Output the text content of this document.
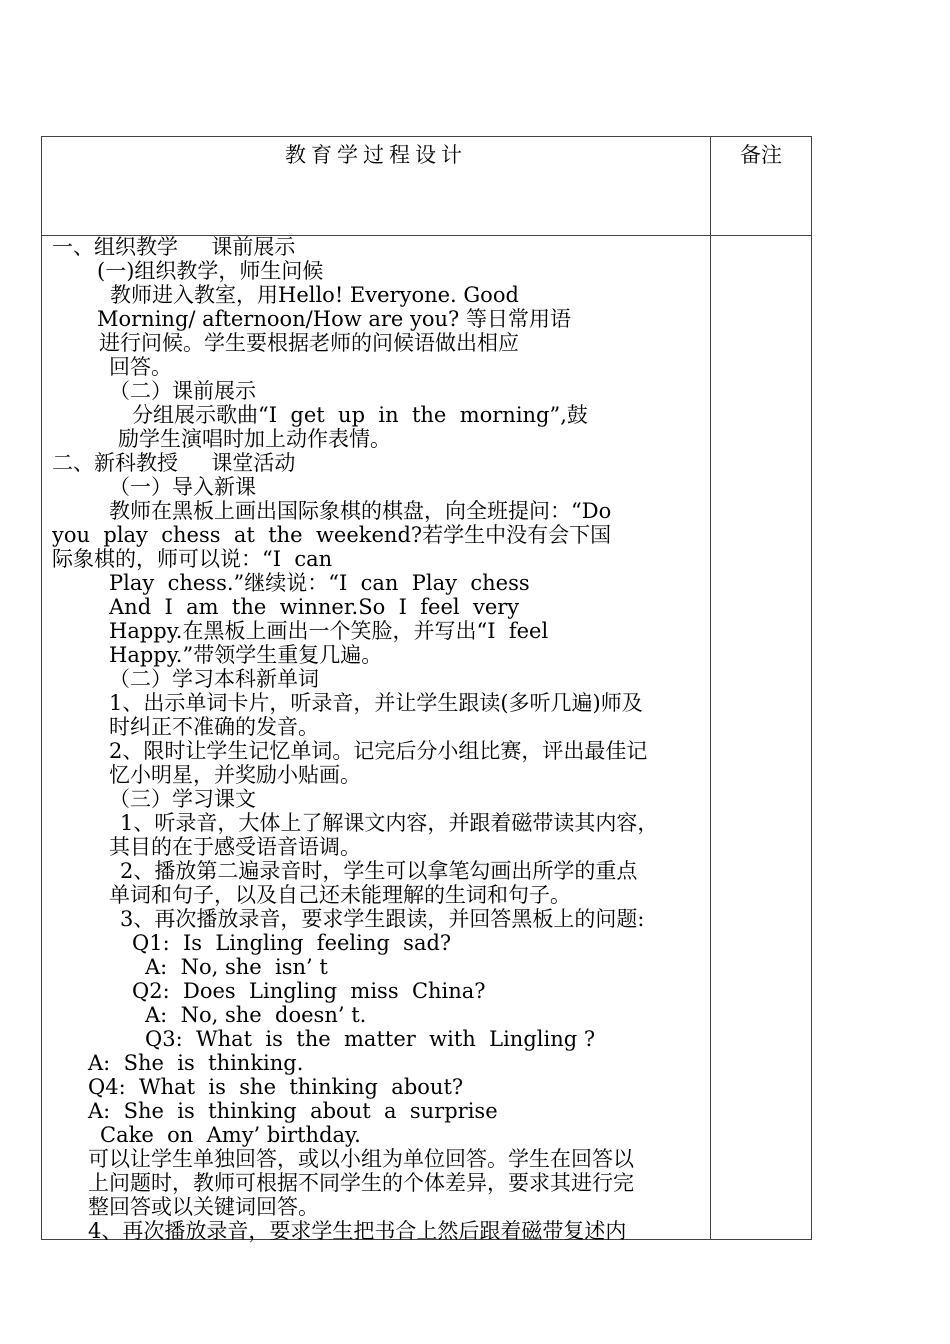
教育学过程设计	备注
一、组织教学     课前展示
(一)组织教学，师生问候
教师进入教室，用Hello! Everyone. Good
Morning/ afternoon/How are you? 等日常用语
进行问候。学生要根据老师的问候语做出相应
回答。
（二）课前展示
分组展示歌曲“I  get  up  in  the  morning”,鼓
励学生演唱时加上动作表情。
二、新科教授     课堂活动
（一）导入新课
教师在黑板上画出国际象棋的棋盘，向全班提问：“Do
you  play  chess  at  the  weekend?若学生中没有会下国
际象棋的，师可以说：“I  can
Play  chess.”继续说：“I  can  Play  chess
And  I  am  the  winner.So  I  feel  very
Happy.在黑板上画出一个笑脸，并写出“I  feel
Happy.”带领学生重复几遍。
（二）学习本科新单词
1、出示单词卡片，听录音，并让学生跟读(多听几遍)师及
时纠正不准确的发音。
2、限时让学生记忆单词。记完后分小组比赛，评出最佳记
忆小明星，并奖励小贴画。
（三）学习课文
1、听录音，大体上了解课文内容，并跟着磁带读其内容，
其目的在于感受语音语调。
2、播放第二遍录音时，学生可以拿笔勾画出所学的重点
单词和句子，以及自己还未能理解的生词和句子。
3、再次播放录音，要求学生跟读，并回答黑板上的问题:
Q1:  Is  Lingling  feeling  sad?
A:  No, she  isn’ t
Q2:  Does  Lingling  miss  China?
A:  No, she  doesn’ t.
Q3:  What  is  the  matter  with  Lingling ?
A:  She  is  thinking.
Q4:  What  is  she  thinking  about?
A:  She  is  thinking  about  a  surprise
Cake  on  Amy’ birthday.
可以让学生单独回答，或以小组为单位回答。学生在回答以
上问题时，教师可根据不同学生的个体差异，要求其进行完
整回答或以关键词回答。
4、再次播放录音，要求学生把书合上然后跟着磁带复述内
